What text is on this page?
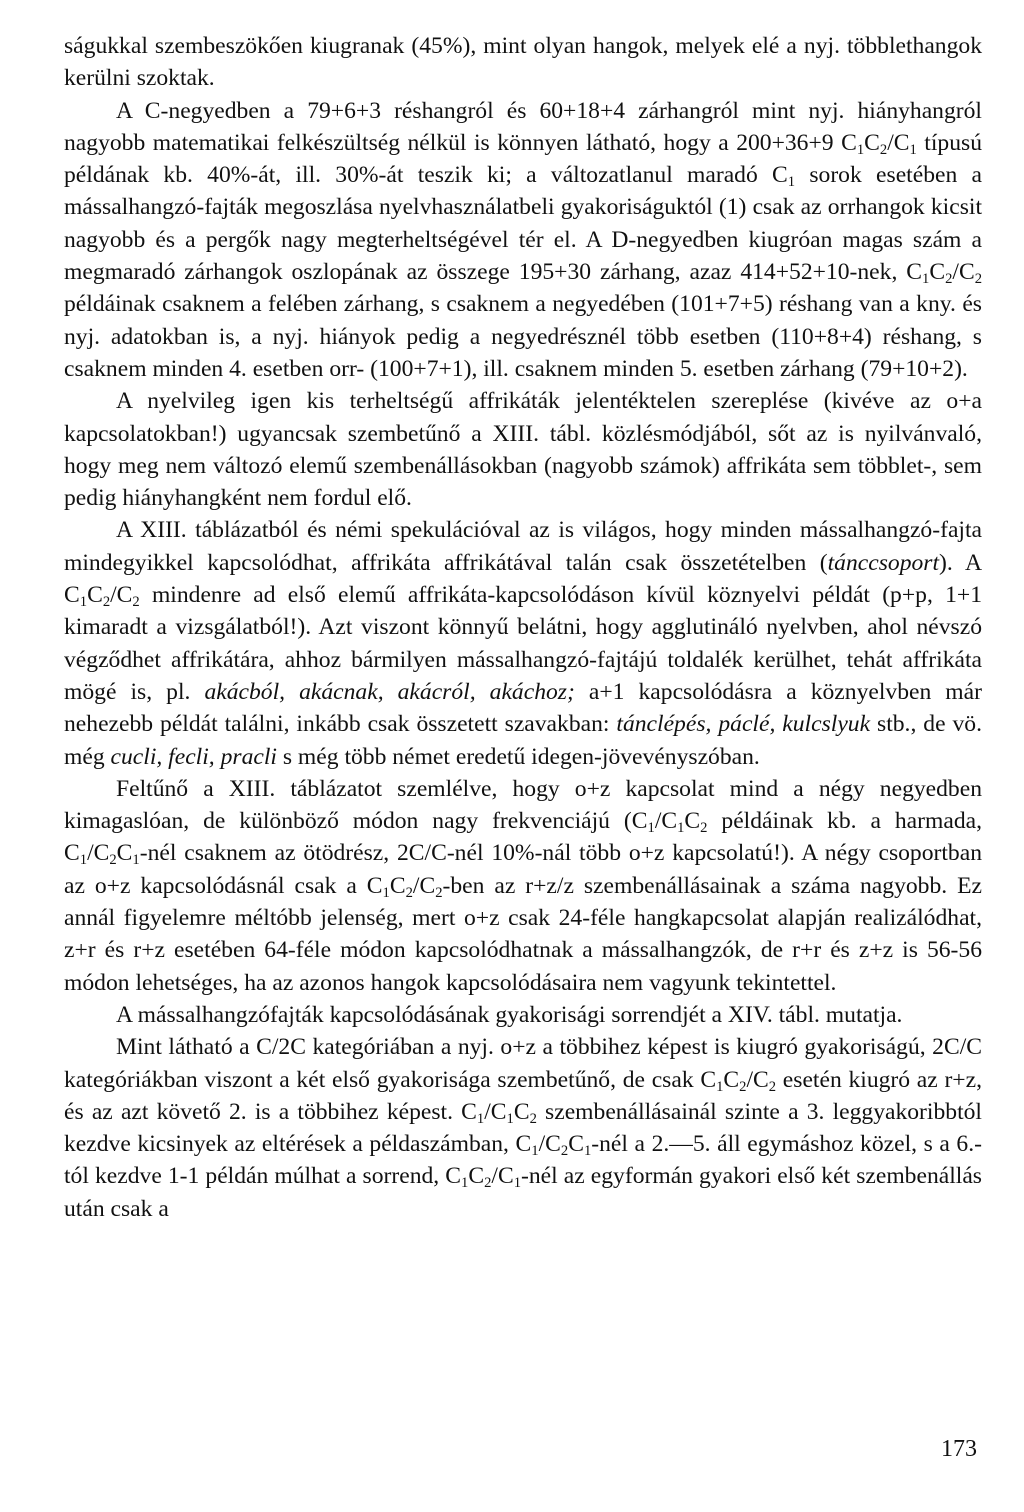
ságukkal szembeszökően kiugranak (45%), mint olyan hangok, melyek elé a nyj. többlethangok kerülni szoktak.

A C-negyedben a 79+6+3 réshangról és 60+18+4 zárhangról mint nyj. hiányhangról nagyobb matematikai felkészültség nélkül is könnyen látható, hogy a 200+36+9 $C_1C_2/C_1$ típusú példának kb. 40%-át, ill. 30%-át teszik ki; a változatlanul maradó $C_1$ sorok esetében a mássalhangzó-fajták megoszlása nyelvhasználatbeli gyakoriságuktól (1) csak az orrhangok kicsit nagyobb és a pergők nagy megterheltségével tér el. A D-negyedben kiugróan magas szám a megmaradó zárhangok oszlopának az összege 195+30 zárhang, azaz 414+52+10-nek, $C_1C_2/C_2$ példáinak csaknem a felében zárhang, s csaknem a negyedében (101+7+5) réshang van a kny. és nyj. adatokban is, a nyj. hiányok pedig a negyedrésznél több esetben (110+8+4) réshang, s csaknem minden 4. esetben orr- (100+7+1), ill. csaknem minden 5. esetben zárhang (79+10+2).

A nyelvileg igen kis terheltségű affrikáták jelentéktelen szereplése (kivéve az o+a kapcsolatokban!) ugyancsak szembetűnő a XIII. tábl. közlésmódjából, sőt az is nyilvánvaló, hogy meg nem változó elemű szembenállásokban (nagyobb számok) affrikáta sem többlet-, sem pedig hiányhangként nem fordul elő.

A XIII. táblázatból és némi spekulációval az is világos, hogy minden mássalhangzó-fajta mindegyikkel kapcsolódhat, affrikáta affrikátával talán csak összetételben (tánccsoport). A $C_1C_2/C_2$ mindenre ad első elemű affrikáta-kapcsolódáson kívül köznyelvi példát (p+p, 1+1 kimaradt a vizsgálatból!). Azt viszont könnyű belátni, hogy agglutináló nyelvben, ahol névszó végződhet affrikátára, ahhoz bármilyen mássalhangzó-fajtájú toldalék kerülhet, tehát affrikáta mögé is, pl. akácból, akácnak, akácról, akáchoz; a+1 kapcsolódásra a köznyelvben már nehezebb példát találni, inkább csak összetett szavakban: tánclépés, páclé, kulcslyuk stb., de vö. még cucli, fecli, pracli s még több német eredetű idegen-jövevényszóban.

Feltűnő a XIII. táblázatot szemlélve, hogy o+z kapcsolat mind a négy negyedben kimagaslóan, de különböző módon nagy frekvenciájú ($C_1/C_1C_2$ példáinak kb. a harmada, $C_1/C_2C_1$-nél csaknem az ötödrész, 2C/C-nél 10%-nál több o+z kapcsolatú!). A négy csoportban az o+z kapcsolódásnál csak a $C_1C_2/C_2$-ben az r+z/z szembenállásainak a száma nagyobb. Ez annál figyelemre méltóbb jelenség, mert o+z csak 24-féle hangkapcsolat alapján realizálódhat, z+r és r+z esetében 64-féle módon kapcsolódhatnak a mássalhangzók, de r+r és z+z is 56-56 módon lehetséges, ha az azonos hangok kapcsolódásaira nem vagyunk tekintettel.

A mássalhangzófajták kapcsolódásának gyakorisági sorrendjét a XIV. tábl. mutatja.

Mint látható a C/2C kategóriában a nyj. o+z a többihez képest is kiugró gyakoriságú, 2C/C kategóriákban viszont a két első gyakorisága szembetűnő, de csak $C_1C_2/C_2$ esetén kiugró az r+z, és az azt követő 2. is a többihez képest. $C_1/C_1C_2$ szembenállásainál szinte a 3. leggyakoribbtól kezdve kicsinyek az eltérések a példaszámban, $C_1/C_2C_1$-nél a 2.—5. áll egymáshoz közel, s a 6.-tól kezdve 1-1 példán múlhat a sorrend, $C_1C_2/C_1$-nél az egyformán gyakori első két szembenállás után csak a

173
